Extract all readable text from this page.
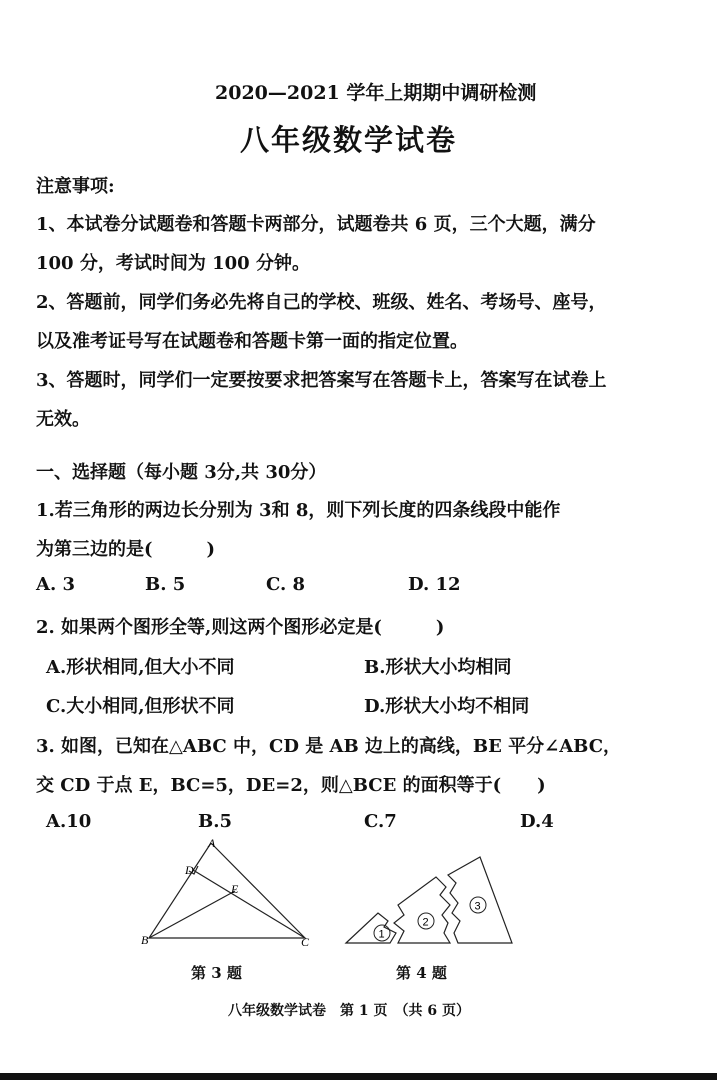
2020—2021 学年上期期中调研检测
八年级数学试卷
注意事项:
1、本试卷分试题卷和答题卡两部分，试题卷共 6 页，三个大题，满分
100 分，考试时间为 100 分钟。
2、答题前，同学们务必先将自己的学校、班级、姓名、考场号、座号，
以及准考证号写在试题卷和答题卡第一面的指定位置。
3、答题时，同学们一定要按要求把答案写在答题卡上，答案写在试卷上
无效。
一、选择题（每小题 3分,共 30分）
1.若三角形的两边长分别为 3和 8，则下列长度的四条线段中能作
为第三边的是(　　　)
A. 3	B. 5	C. 8	D. 12
2. 如果两个图形全等,则这两个图形必定是(　　　)
A.形状相同,但大小不同	B.形状大小均相同
C.大小相同,但形状不同	D.形状大小均不相同
3. 如图，已知在△ABC 中，CD 是 AB 边上的高线，BE 平分∠ABC，
交 CD 于点 E，BC=5，DE=2，则△BCE 的面积等于(　　)
A.10	B.5	C.7	D.4
A
D
E
B	C
1
2
3
第 3 题	第 4 题
八年级数学试卷　第 1 页　（共 6 页）
